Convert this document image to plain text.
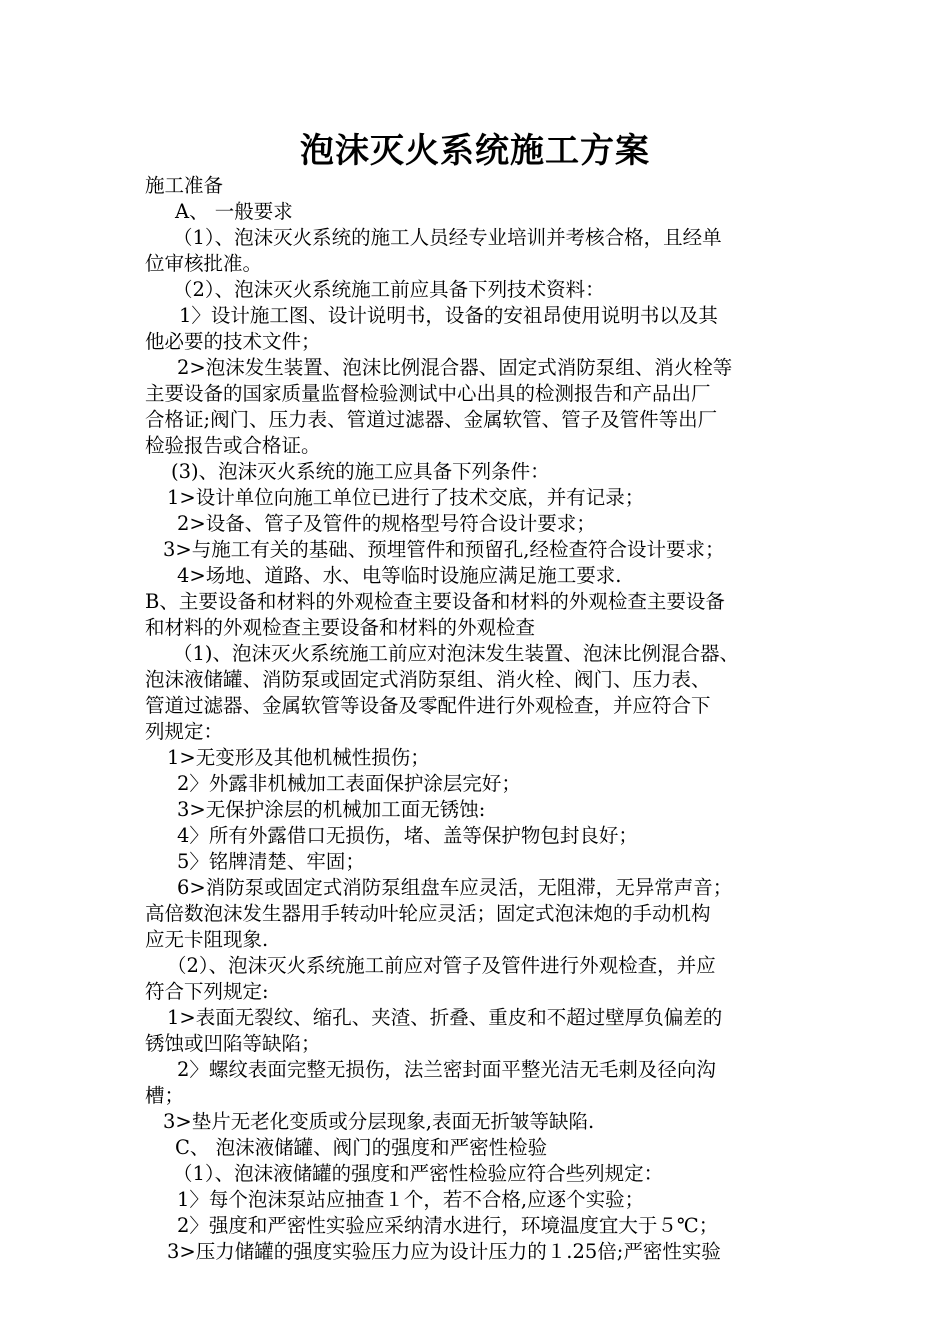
泡沫灭火系统施工方案
施工准备
A、 一般要求
（1）、泡沫灭火系统的施工人员经专业培训并考核合格，且经单
位审核批准。
（2）、泡沫灭火系统施工前应具备下列技术资料：
1〉设计施工图、设计说明书，设备的安祖昂使用说明书以及其
他必要的技术文件；
2>泡沫发生装置、泡沫比例混合器、固定式消防泵组、消火栓等
主要设备的国家质量监督检验测试中心出具的检测报告和产品出厂
合格证;阀门、压力表、管道过滤器、金属软管、管子及管件等出厂
检验报告或合格证。
(3)、泡沫灭火系统的施工应具备下列条件：
1>设计单位向施工单位已进行了技术交底，并有记录；
2>设备、管子及管件的规格型号符合设计要求；
3>与施工有关的基础、预埋管件和预留孔,经检查符合设计要求；
4>场地、道路、水、电等临时设施应满足施工要求.
B、主要设备和材料的外观检查主要设备和材料的外观检查主要设备
和材料的外观检查主要设备和材料的外观检查
（1)、泡沫灭火系统施工前应对泡沫发生装置、泡沫比例混合器、
泡沫液储罐、消防泵或固定式消防泵组、消火栓、阀门、压力表、
管道过滤器、金属软管等设备及零配件进行外观检查，并应符合下
列规定：
1>无变形及其他机械性损伤；
2〉外露非机械加工表面保护涂层完好；
3>无保护涂层的机械加工面无锈蚀:
4〉所有外露借口无损伤，堵、盖等保护物包封良好；
5〉铭牌清楚、牢固；
6>消防泵或固定式消防泵组盘车应灵活，无阻滞，无异常声音；
高倍数泡沫发生器用手转动叶轮应灵活；固定式泡沫炮的手动机构
应无卡阻现象.
（2）、泡沫灭火系统施工前应对管子及管件进行外观检查，并应
符合下列规定:
1>表面无裂纹、缩孔、夹渣、折叠、重皮和不超过壁厚负偏差的
锈蚀或凹陷等缺陷；
2〉螺纹表面完整无损伤，法兰密封面平整光洁无毛刺及径向沟
槽；
3>垫片无老化变质或分层现象,表面无折皱等缺陷.
C、 泡沫液储罐、阀门的强度和严密性检验
（1）、泡沫液储罐的强度和严密性检验应符合些列规定：
1〉每个泡沫泵站应抽查１个，若不合格,应逐个实验；
2〉强度和严密性实验应采纳清水进行，环境温度宜大于５℃；
3>压力储罐的强度实验压力应为设计压力的１.25倍;严密性实验
